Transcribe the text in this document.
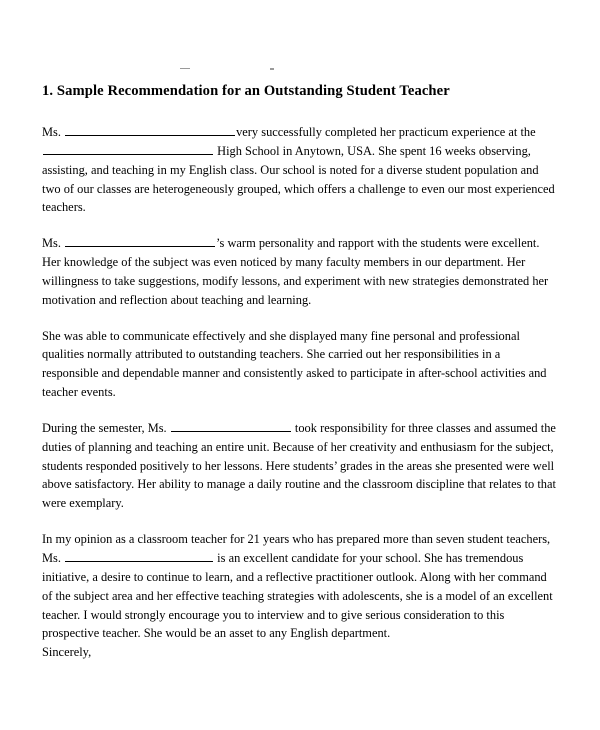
1. Sample Recommendation for an Outstanding Student Teacher

Ms.	very successfully completed her practicum experience at the  High School in Anytown, USA. She spent 16 weeks observing, assisting, and teaching in my English class. Our school is noted for a diverse student population and two of our classes are heterogeneously grouped, which offers a challenge to even our most experienced teachers.

Ms.	’s warm personality and rapport with the students were excellent. Her knowledge of the subject was even noticed by many faculty members in our department. Her willingness to take suggestions, modify lessons, and experiment with new strategies demonstrated her motivation and reflection about teaching and learning.

She was able to communicate effectively and she displayed many fine personal and professional qualities normally attributed to outstanding teachers. She carried out her responsibilities in a responsible and dependable manner and consistently asked to participate in after-school activities and teacher events.

During the semester, Ms.	took responsibility for three classes and assumed the duties of planning and teaching an entire unit. Because of her creativity and enthusiasm for the subject, students responded positively to her lessons. Here students’ grades in the areas she presented were well above satisfactory. Her ability to manage a daily routine and the classroom discipline that relates to that were exemplary.

In my opinion as a classroom teacher for 21 years who has prepared more than seven student teachers, Ms.	is an excellent candidate for your school. She has tremendous initiative, a desire to continue to learn, and a reflective practitioner outlook. Along with her command of the subject area and her effective teaching strategies with adolescents, she is a model of an excellent teacher. I would strongly encourage you to interview and to give serious consideration to this prospective teacher. She would be an asset to any English department.

Sincerely,
